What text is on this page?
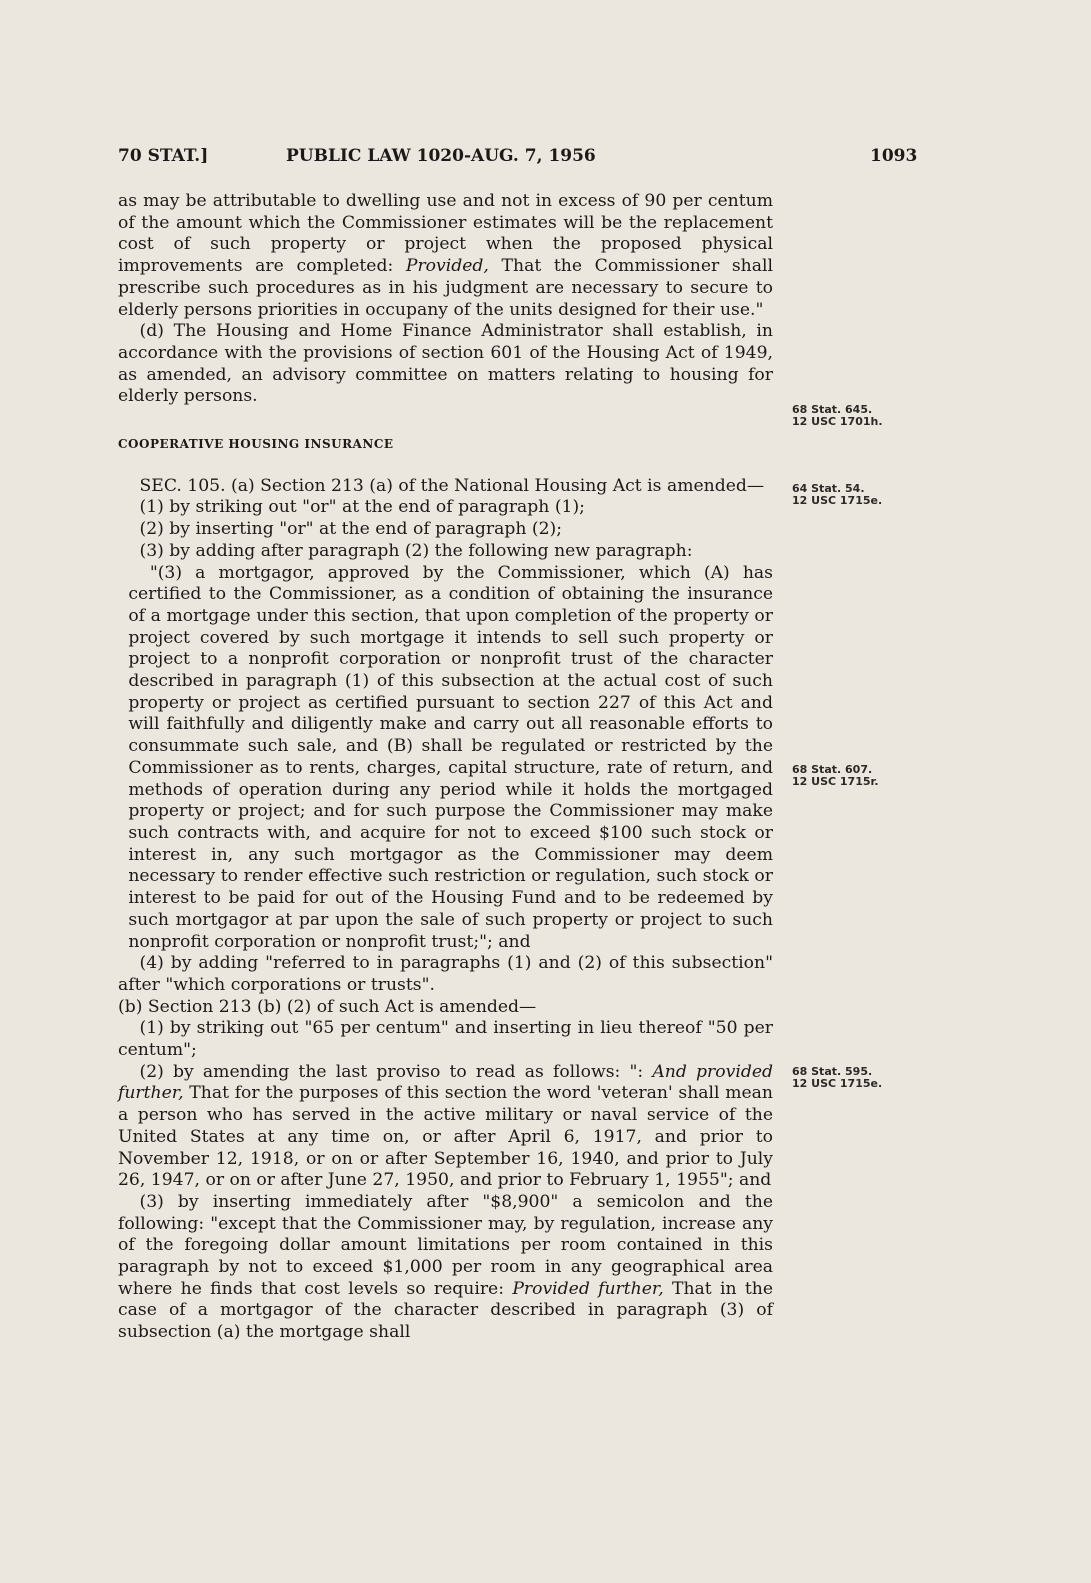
70 STAT.]	PUBLIC LAW 1020-AUG. 7, 1956	1093

as may be attributable to dwelling use and not in excess of 90 per centum of the amount which the Commissioner estimates will be the replacement cost of such property or project when the proposed physical improvements are completed: Provided, That the Commissioner shall prescribe such procedures as in his judgment are necessary to secure to elderly persons priorities in occupany of the units designed for their use."

(d) The Housing and Home Finance Administrator shall establish, in accordance with the provisions of section 601 of the Housing Act of 1949, as amended, an advisory committee on matters relating to housing for elderly persons.

COOPERATIVE HOUSING INSURANCE

SEC. 105. (a) Section 213 (a) of the National Housing Act is amended—

(1) by striking out "or" at the end of paragraph (1);

(2) by inserting "or" at the end of paragraph (2);

(3) by adding after paragraph (2) the following new paragraph:

"(3) a mortgagor, approved by the Commissioner, which (A) has certified to the Commissioner, as a condition of obtaining the insurance of a mortgage under this section, that upon completion of the property or project covered by such mortgage it intends to sell such property or project to a nonprofit corporation or nonprofit trust of the character described in paragraph (1) of this subsection at the actual cost of such property or project as certified pursuant to section 227 of this Act and will faithfully and diligently make and carry out all reasonable efforts to consummate such sale, and (B) shall be regulated or restricted by the Commissioner as to rents, charges, capital structure, rate of return, and methods of operation during any period while it holds the mortgaged property or project; and for such purpose the Commissioner may make such contracts with, and acquire for not to exceed $100 such stock or interest in, any such mortgagor as the Commissioner may deem necessary to render effective such restriction or regulation, such stock or interest to be paid for out of the Housing Fund and to be redeemed by such mortgagor at par upon the sale of such property or project to such nonprofit corporation or nonprofit trust;"; and

(4) by adding "referred to in paragraphs (1) and (2) of this subsection" after "which corporations or trusts".

(b) Section 213 (b) (2) of such Act is amended—

(1) by striking out "65 per centum" and inserting in lieu thereof "50 per centum";

(2) by amending the last proviso to read as follows: ": And provided further, That for the purposes of this section the word 'veteran' shall mean a person who has served in the active military or naval service of the United States at any time on, or after April 6, 1917, and prior to November 12, 1918, or on or after September 16, 1940, and prior to July 26, 1947, or on or after June 27, 1950, and prior to February 1, 1955"; and

(3) by inserting immediately after "$8,900" a semicolon and the following: "except that the Commissioner may, by regulation, increase any of the foregoing dollar amount limitations per room contained in this paragraph by not to exceed $1,000 per room in any geographical area where he finds that cost levels so require: Provided further, That in the case of a mortgagor of the character described in paragraph (3) of subsection (a) the mortgage shall

68 Stat. 645.
12 USC 1701h.
64 Stat. 54.
12 USC 1715e.
68 Stat. 607.
12 USC 1715r.
68 Stat. 595.
12 USC 1715e.
